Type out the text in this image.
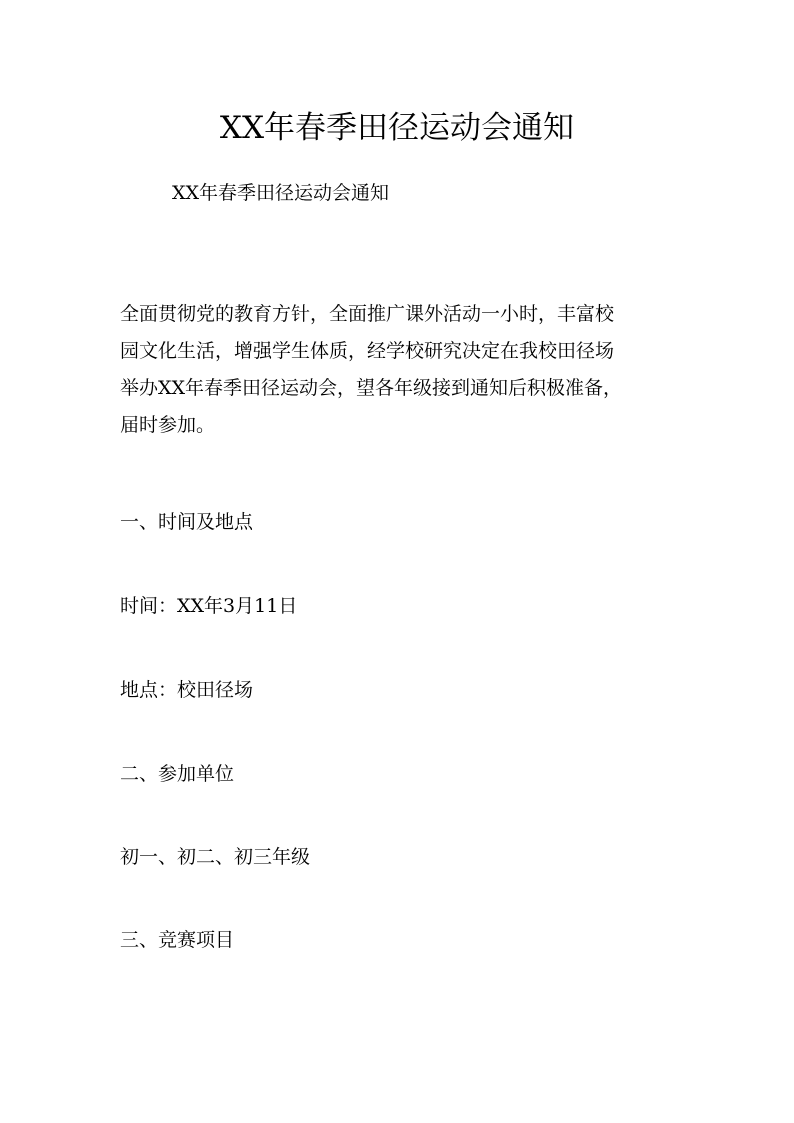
XX年春季田径运动会通知

XX年春季田径运动会通知

全面贯彻党的教育方针，全面推广课外活动一小时，丰富校
园文化生活，增强学生体质，经学校研究决定在我校田径场
举办XX年春季田径运动会，望各年级接到通知后积极准备，
届时参加。

一、时间及地点

时间：XX年3月11日

地点：校田径场

二、参加单位

初一、初二、初三年级

三、竞赛项目
